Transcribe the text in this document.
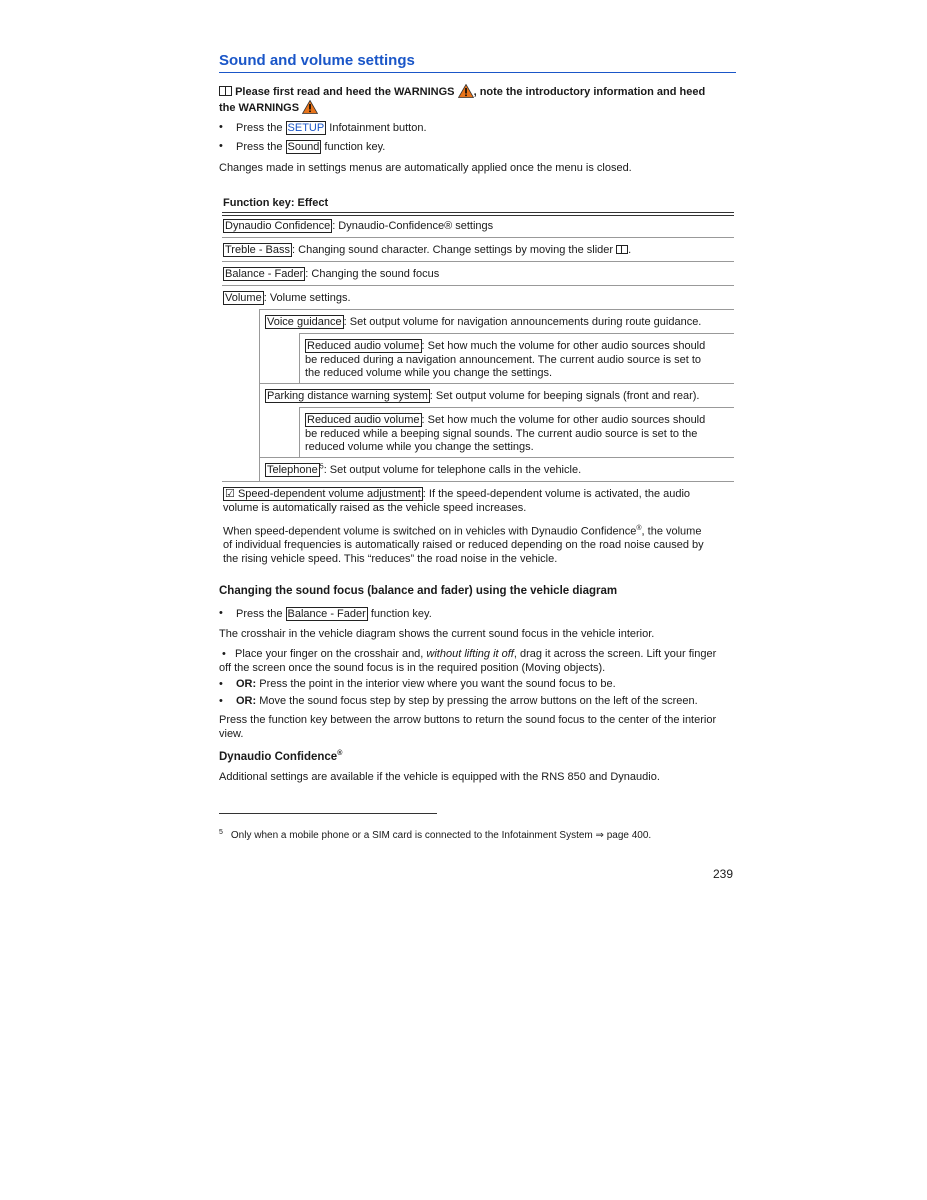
Sound and volume settings
Please first read and heed the WARNINGS , note the introductory information and heed
the WARNINGS
• Press the SETUP Infotainment button.
• Press the Sound function key.
Changes made in settings menus are automatically applied once the menu is closed.
Function key: Effect
Dynaudio Confidence : Dynaudio-Confidence® settings
Treble - Bass : Changing sound character. Change settings by moving the slider .
Balance - Fader : Changing the sound focus
Volume : Volume settings.
Voice guidance : Set output volume for navigation announcements during route guidance.
Reduced audio volume : Set how much the volume for other audio sources should
be reduced during a navigation announcement. The current audio source is set to
the reduced volume while you change the settings.
Parking distance warning system : Set output volume for beeping signals (front and rear).
Reduced audio volume : Set how much the volume for other audio sources should
be reduced while a beeping signal sounds. The current audio source is set to the
reduced volume while you change the settings.
Telephone $^5$: Set output volume for telephone calls in the vehicle.
☑ Speed-dependent volume adjustment : If the speed-dependent volume is activated, the audio
volume is automatically raised as the vehicle speed increases.
When speed-dependent volume is switched on in vehicles with Dynaudio Confidence®, the volume
of individual frequencies is automatically raised or reduced depending on the road noise caused by
the rising vehicle speed. This “reduces” the road noise in the vehicle.
Changing the sound focus (balance and fader) using the vehicle diagram
• Press the Balance - Fader function key.
The crosshair in the vehicle diagram shows the current sound focus in the vehicle interior.
•   Place your finger on the crosshair and, without lifting it off, drag it across the screen. Lift your finger
off the screen once the sound focus is in the required position (Moving objects).
• OR: Press the point in the interior view where you want the sound focus to be.
• OR: Move the sound focus step by step by pressing the arrow buttons on the left of the screen.
Press the function key between the arrow buttons to return the sound focus to the center of the interior
view.
Dynaudio Confidence®
Additional settings are available if the vehicle is equipped with the RNS 850 and Dynaudio.
$^5$ Only when a mobile phone or a SIM card is connected to the Infotainment System ⇒ page 400.
239
